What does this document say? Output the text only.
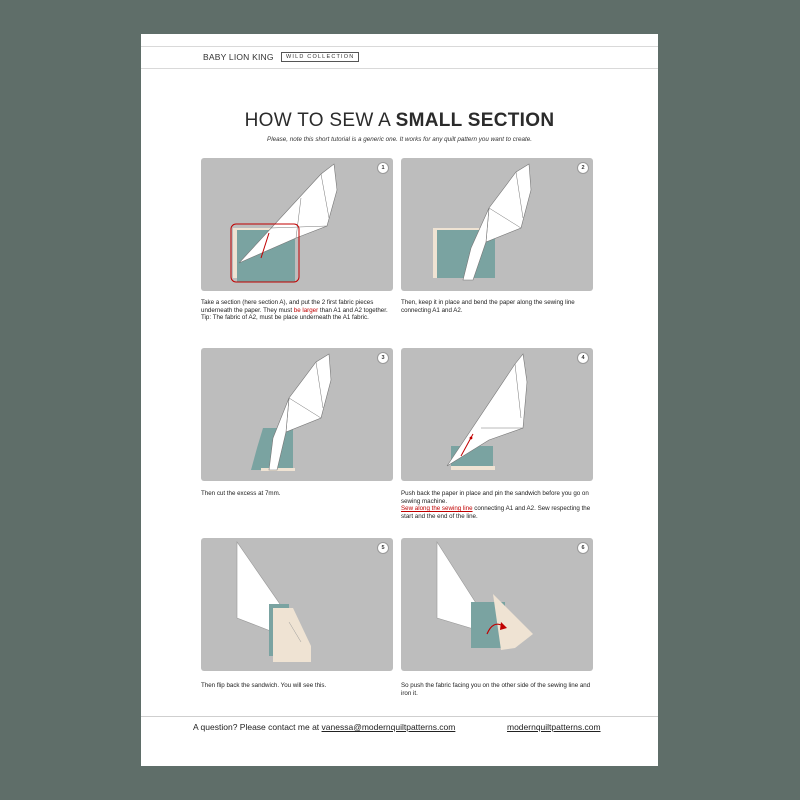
BABY LION KING	WILD COLLECTION
HOW TO SEW A SMALL SECTION
Please, note this short tutorial is a generic one. It works for any quilt pattern you want to create.
1
Take a section (here section A), and put the 2 first fabric pieces underneath the paper. They must be larger than A1 and A2 together.
Tip: The fabric of A2, must be place underneath the A1 fabric.
2
Then, keep it in place and bend the paper along the sewing line connecting A1 and A2.
3
Then cut the excess at 7mm.
4
Push back the paper in place and pin the sandwich before you go on sewing machine.
Sew along the sewing line connecting A1 and A2. Sew respecting the start and the end of the line.
5
Then flip back the sandwich. You will see this.
6
So push the fabric facing you on the other side of the sewing line and iron it.
A question? Please contact me at vanessa@modernquiltpatterns.com	modernquiltpatterns.com
